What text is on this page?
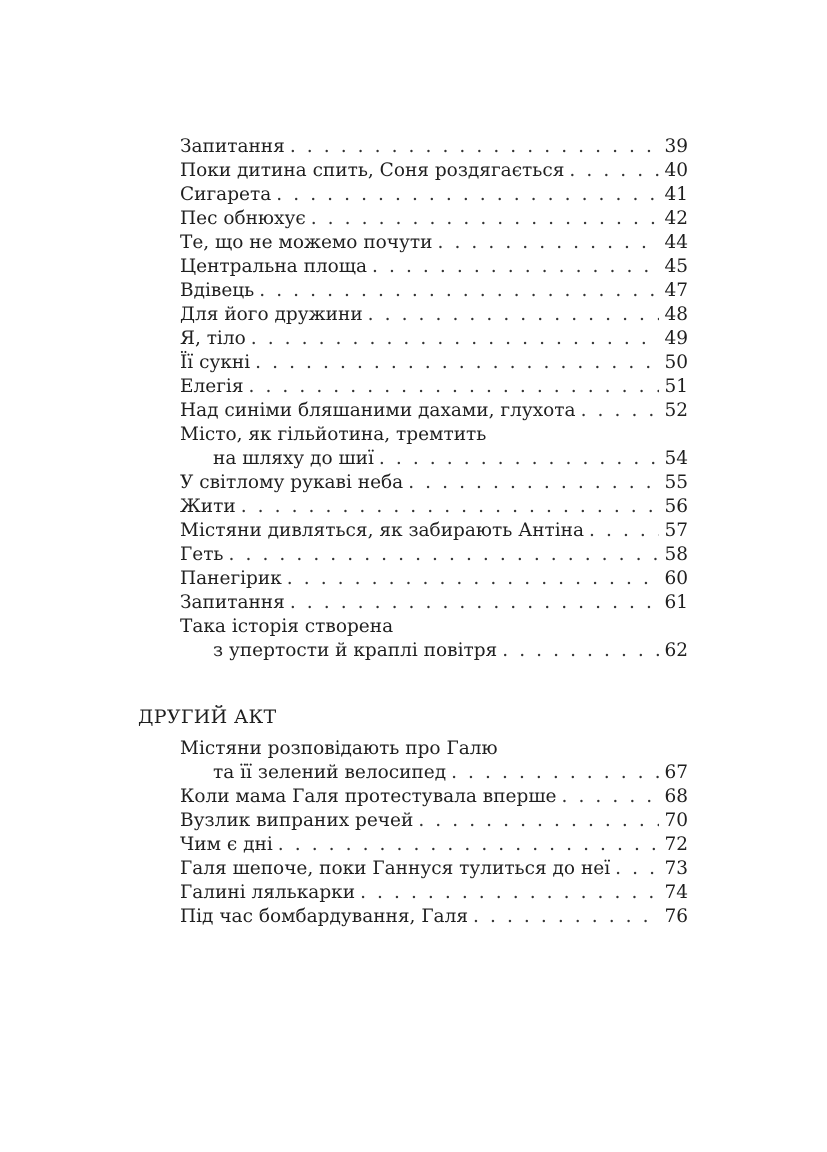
Запитання . . .	39
Поки дитина спить, Соня роздягається . . .	40
Сигарета . . .	41
Пес обнюхує . . .	42
Те, що не можемо почути . . .	44
Центральна площа . . .	45
Вдівець . . .	47
Для його дружини . . .	48
Я, тіло . . .	49
Її сукні . . .	50
Елегія . . .	51
Над синіми бляшаними дахами, глухота . . .	52
Місто, як гільйотина, тремтить
на шляху до шиї . . .	54
У світлому рукаві неба . . .	55
Жити . . .	56
Містяни дивляться, як забирають Антіна . . .	57
Геть . . .	58
Панегірик . . .	60
Запитання . . .	61
Така історія створена
з упертости й краплі повітря . . .	62
ДРУГИЙ АКТ
Містяни розповідають про Галю
та її зелений велосипед . . .	67
Коли мама Галя протестувала вперше . . .	68
Вузлик випраних речей . . .	70
Чим є дні . . .	72
Галя шепоче, поки Ганнуся тулиться до неї . . .	73
Галині лялькарки . . .	74
Під час бомбардування, Галя . . .	76
